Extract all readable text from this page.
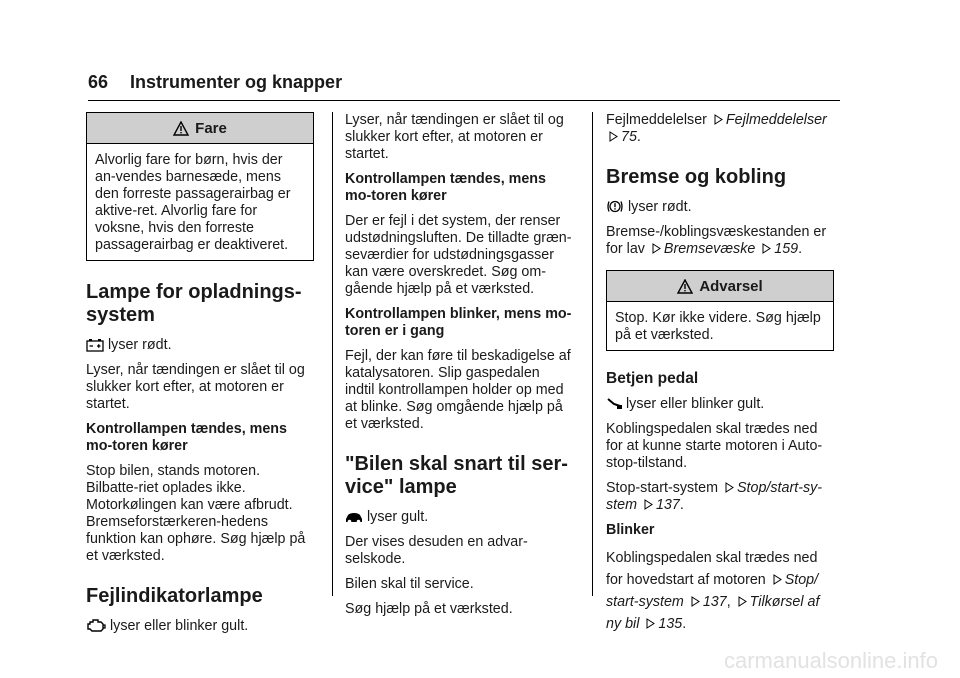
66 Instrumenter og knapper
Fare
Alvorlig fare for børn, hvis der an-vendes barnesæde, mens den forreste passagerairbag er aktive-ret. Alvorlig fare for voksne, hvis den forreste passagerairbag er deaktiveret.
Lampe for opladnings-system

lyser rødt.

Lyser, når tændingen er slået til og slukker kort efter, at motoren er startet.

Kontrollampen tændes, mens mo-toren kører

Stop bilen, stands motoren. Bilbatte-riet oplades ikke. Motorkølingen kan være afbrudt. Bremseforstærkeren-hedens funktion kan ophøre. Søg hjælp på et værksted.

Fejlindikatorlampe

lyser eller blinker gult.

Lyser, når tændingen er slået til og slukker kort efter, at motoren er startet.

Kontrollampen tændes, mens mo-toren kører

Der er fejl i det system, der renser udstødningsluften. De tilladte græn-seværdier for udstødningsgasser kan være overskredet. Søg om-gående hjælp på et værksted.

Kontrollampen blinker, mens mo-toren er i gang

Fejl, der kan føre til beskadigelse af katalysatoren. Slip gaspedalen indtil kontrollampen holder op med at blinke. Søg omgående hjælp på et værksted.

"Bilen skal snart til ser-vice" lampe

lyser gult.

Der vises desuden en advar-selskode.

Bilen skal til service.

Søg hjælp på et værksted.

Fejlmeddelelser Fejlmeddelelser
75.

Bremse og kobling

lyser rødt.

Bremse-/koblingsvæskestanden er
for lav Bremsevæske 159.

Advarsel
Stop. Kør ikke videre. Søg hjælp på et værksted.
Betjen pedal

lyser eller blinker gult.

Koblingspedalen skal trædes ned for at kunne starte motoren i Auto-stop-tilstand.

Stop-start-system Stop/start-sy-
stem 137.

Blinker

Koblingspedalen skal trædes ned
for hovedstart af motoren Stop/
start-system 137, Tilkørsel af
ny bil 135.

carmanualsonline.info
